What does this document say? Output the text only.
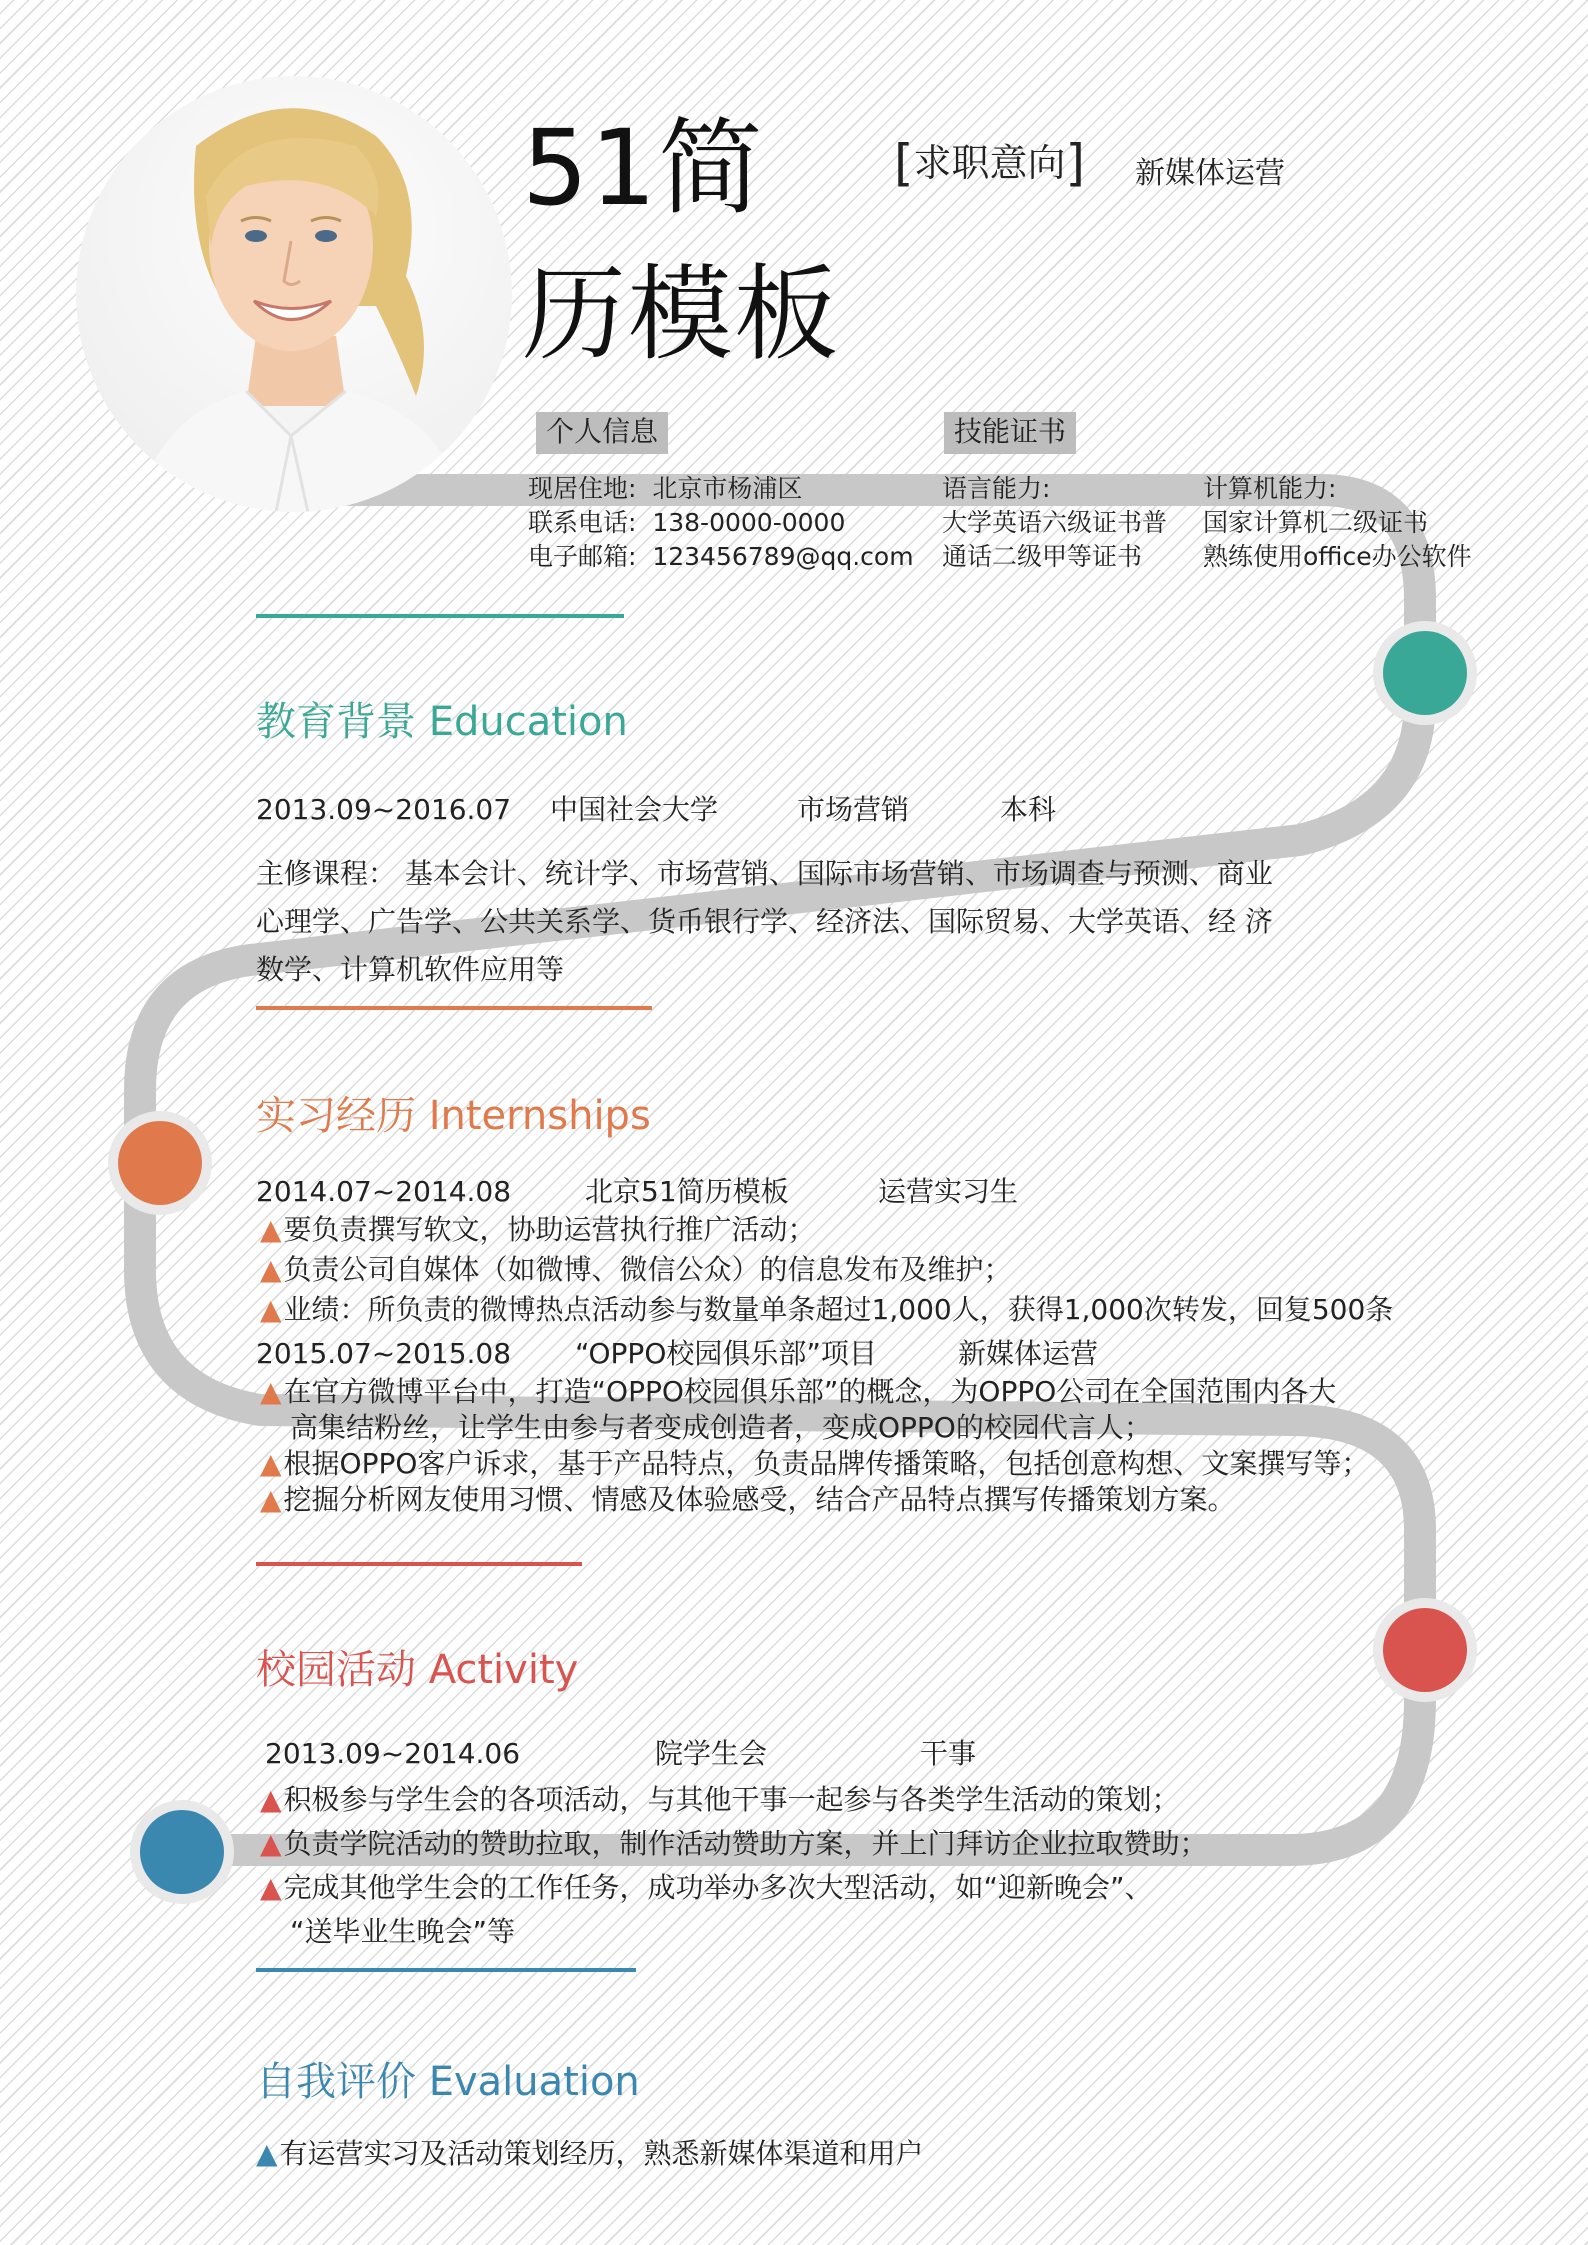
51简
历模板
[求职意向] 新媒体运营
个人信息
现居住地: 北京市杨浦区
联系电话: 138-0000-0000
电子邮箱: 123456789@qq.com
技能证书
语言能力:
大学英语六级证书普
通话二级甲等证书
计算机能力:
国家计算机二级证书
熟练使用office办公软件
教育背景 Education
2013.09~2016.07 中国社会大学	市场营销	本科
主修课程： 基本会计、统计学、市场营销、国际市场营销、市场调查与预测、商业
心理学、广告学、公共关系学、货币银行学、经济法、国际贸易、大学英语、经 济
数学、计算机软件应用等
实习经历 Internships
2014.07~2014.08	北京51简历模板	运营实习生
▲要负责撰写软文，协助运营执行推广活动；
▲负责公司自媒体（如微博、微信公众）的信息发布及维护；
▲业绩：所负责的微博热点活动参与数量单条超过1,000人，获得1,000次转发，回复500条
2015.07~2015.08 “OPPO校园俱乐部”项目	新媒体运营
▲在官方微博平台中，打造“OPPO校园俱乐部”的概念，为OPPO公司在全国范围内各大
高集结粉丝，让学生由参与者变成创造者，变成OPPO的校园代言人；
▲根据OPPO客户诉求，基于产品特点，负责品牌传播策略，包括创意构想、文案撰写等；
▲挖掘分析网友使用习惯、情感及体验感受，结合产品特点撰写传播策划方案。
校园活动 Activity
2013.09~2014.06	院学生会	干事
▲积极参与学生会的各项活动，与其他干事一起参与各类学生活动的策划；
▲负责学院活动的赞助拉取，制作活动赞助方案，并上门拜访企业拉取赞助；
▲完成其他学生会的工作任务，成功举办多次大型活动，如“迎新晚会”、
“送毕业生晚会”等
自我评价 Evaluation
▲有运营实习及活动策划经历，熟悉新媒体渠道和用户
